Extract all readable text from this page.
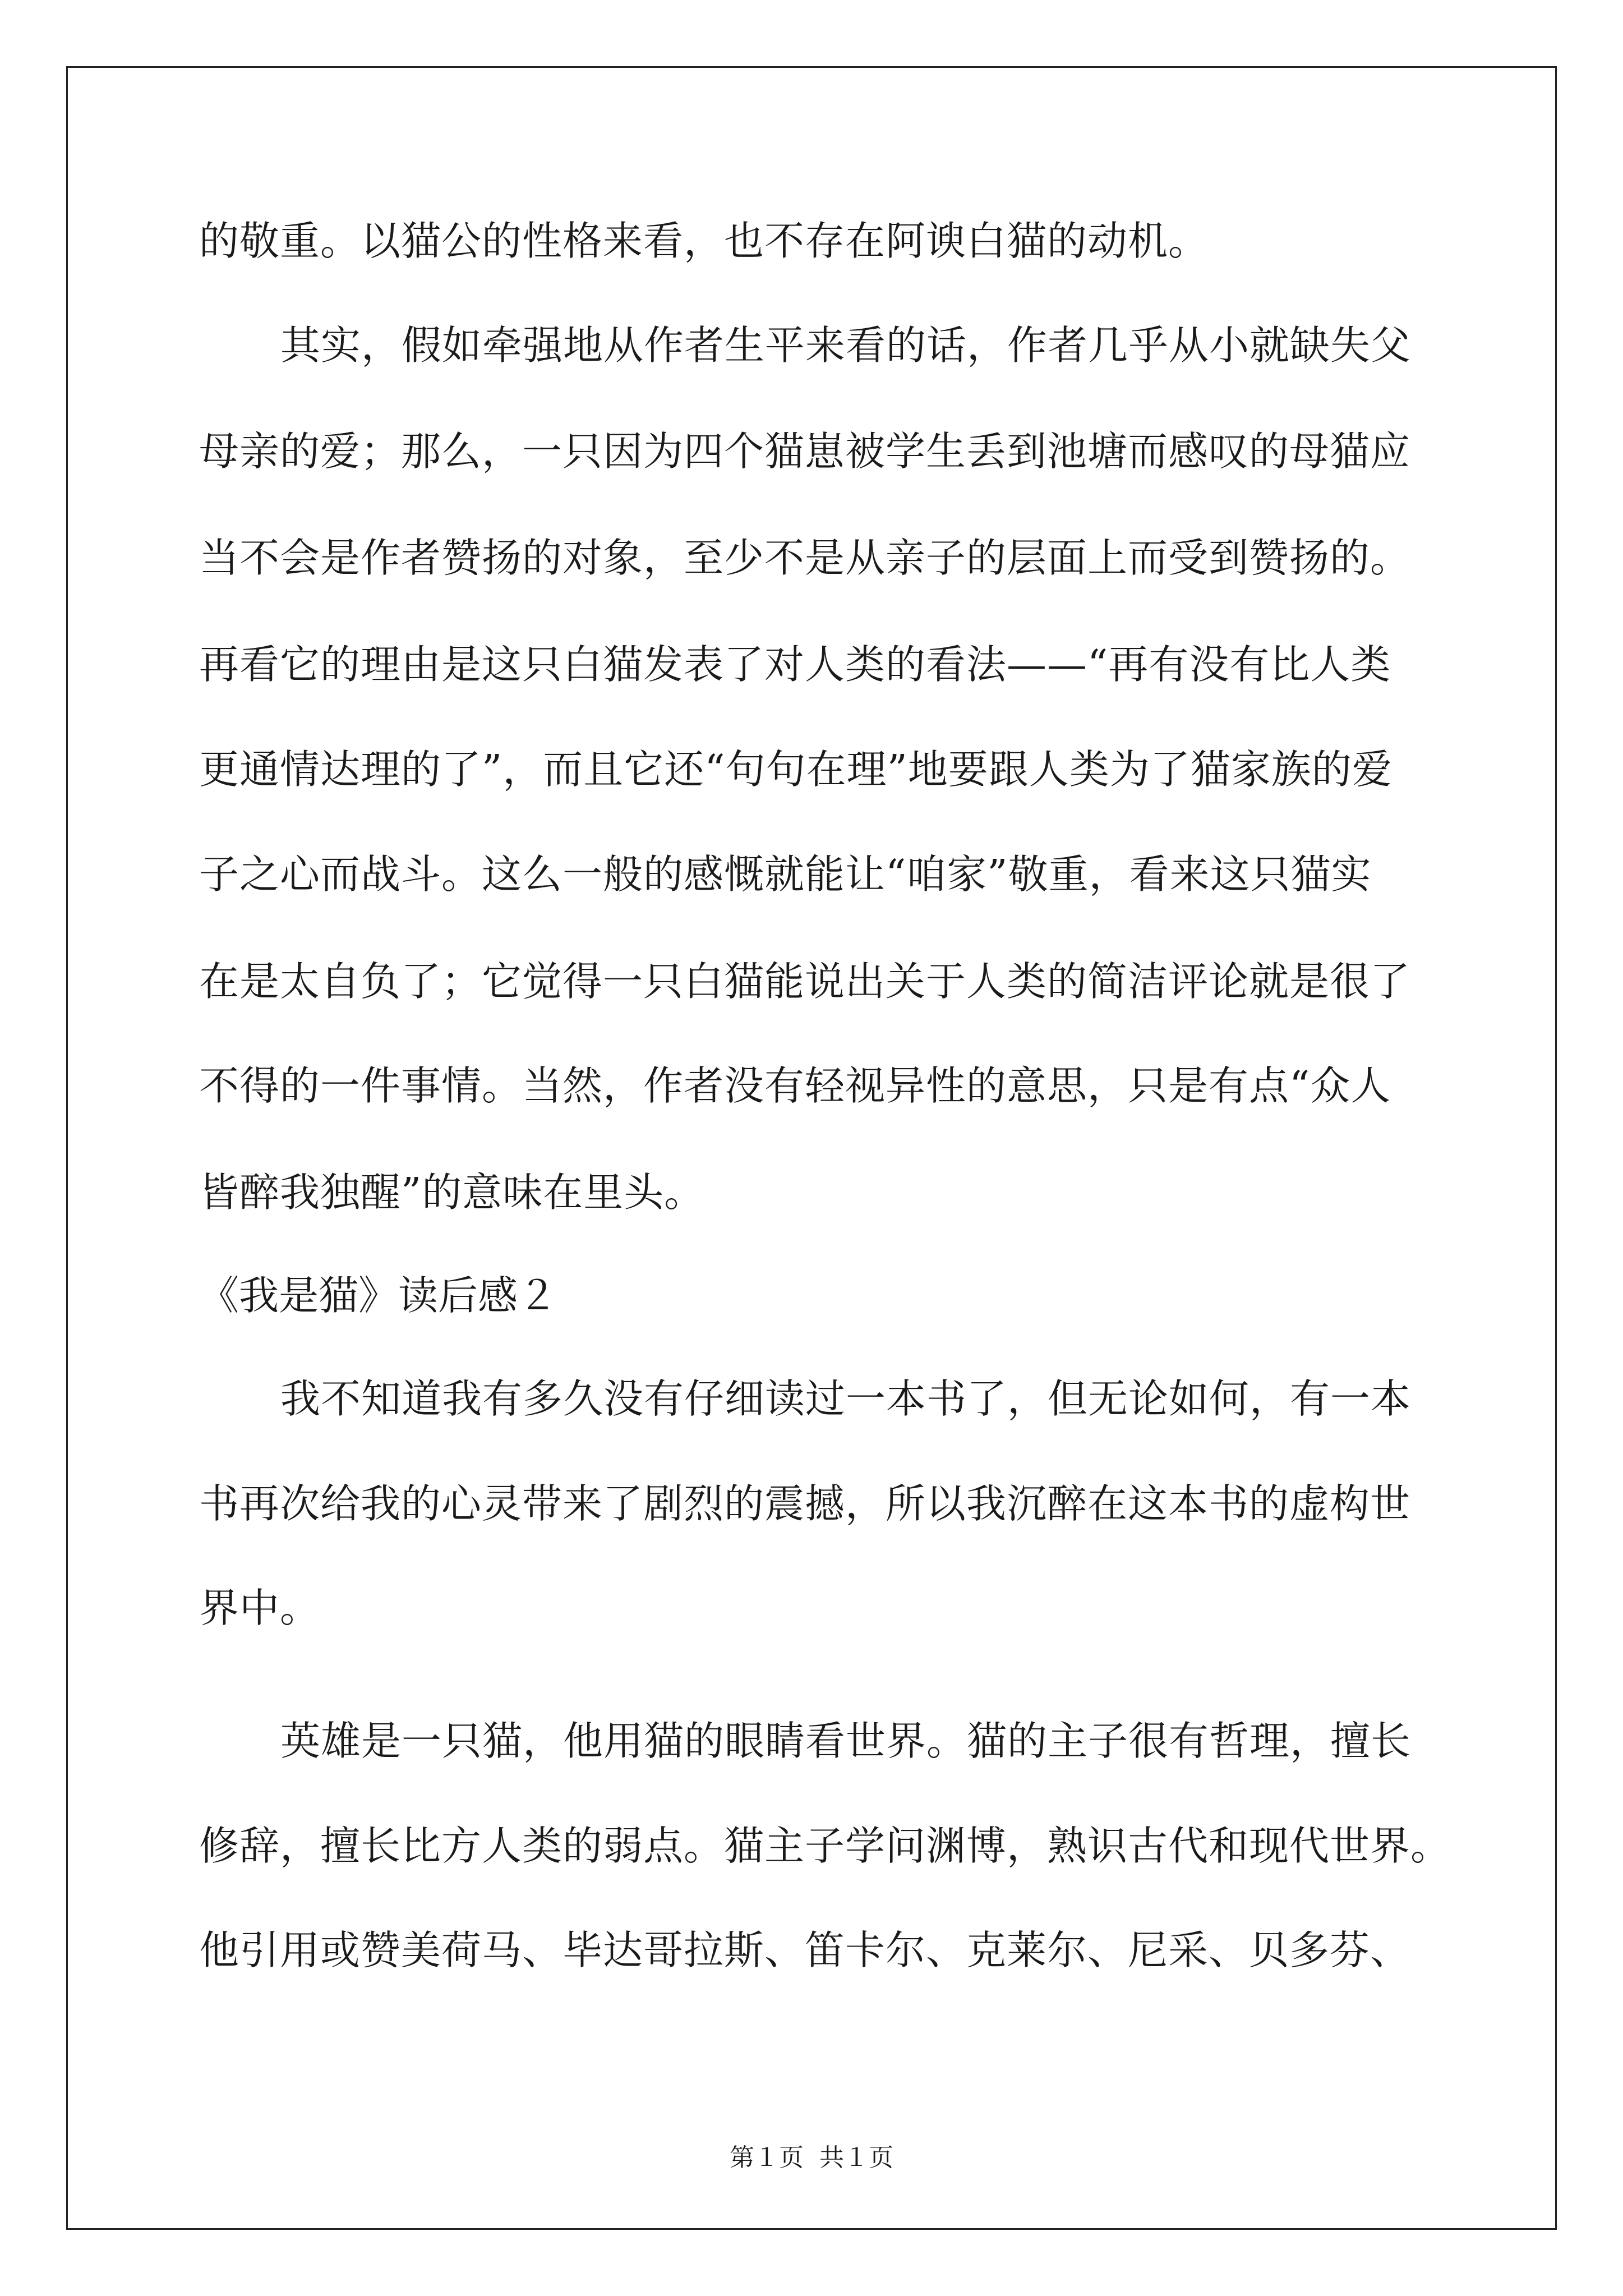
的敬重。以猫公的性格来看，也不存在阿谀白猫的动机。
其实，假如牵强地从作者生平来看的话，作者几乎从小就缺失父
母亲的爱；那么，一只因为四个猫崽被学生丢到池塘而感叹的母猫应
当不会是作者赞扬的对象，至少不是从亲子的层面上而受到赞扬的。
再看它的理由是这只白猫发表了对人类的看法——“再有没有比人类
更通情达理的了”，而且它还“句句在理”地要跟人类为了猫家族的爱
子之心而战斗。这么一般的感慨就能让“咱家”敬重，看来这只猫实
在是太自负了；它觉得一只白猫能说出关于人类的简洁评论就是很了
不得的一件事情。当然，作者没有轻视异性的意思，只是有点“众人
皆醉我独醒”的意味在里头。
《我是猫》读后感２
我不知道我有多久没有仔细读过一本书了，但无论如何，有一本
书再次给我的心灵带来了剧烈的震撼，所以我沉醉在这本书的虚构世
界中。
英雄是一只猫，他用猫的眼睛看世界。猫的主子很有哲理，擅长
修辞，擅长比方人类的弱点。猫主子学问渊博，熟识古代和现代世界。
他引用或赞美荷马、毕达哥拉斯、笛卡尔、克莱尔、尼采、贝多芬、
第１页 共１页
